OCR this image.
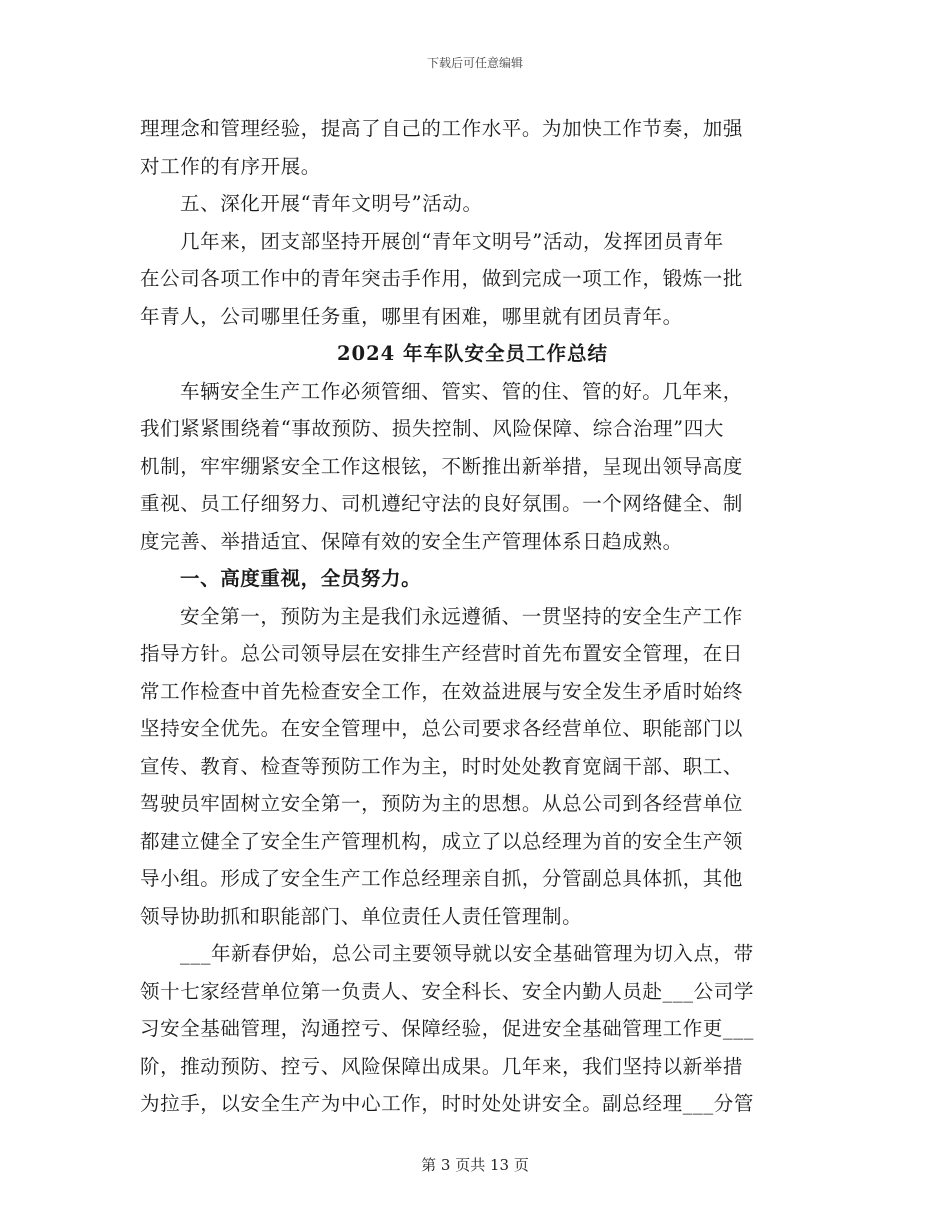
下载后可任意编辑

理理念和管理经验，提高了自己的工作水平。为加快工作节奏，加强

对工作的有序开展。

五、深化开展“青年文明号”活动。

几年来，团支部坚持开展创“青年文明号”活动，发挥团员青年

在公司各项工作中的青年突击手作用，做到完成一项工作，锻炼一批

年青人，公司哪里任务重，哪里有困难，哪里就有团员青年。

2024 年车队安全员工作总结

车辆安全生产工作必须管细、管实、管的住、管的好。几年来，

我们紧紧围绕着“事故预防、损失控制、风险保障、综合治理”四大

机制，牢牢绷紧安全工作这根铉，不断推出新举措，呈现出领导高度

重视、员工仔细努力、司机遵纪守法的良好氛围。一个网络健全、制

度完善、举措适宜、保障有效的安全生产管理体系日趋成熟。

一、高度重视，全员努力。

安全第一，预防为主是我们永远遵循、一贯坚持的安全生产工作

指导方针。总公司领导层在安排生产经营时首先布置安全管理，在日

常工作检查中首先检查安全工作，在效益进展与安全发生矛盾时始终

坚持安全优先。在安全管理中，总公司要求各经营单位、职能部门以

宣传、教育、检查等预防工作为主，时时处处教育宽阔干部、职工、

驾驶员牢固树立安全第一，预防为主的思想。从总公司到各经营单位

都建立健全了安全生产管理机构，成立了以总经理为首的安全生产领

导小组。形成了安全生产工作总经理亲自抓，分管副总具体抓，其他

领导协助抓和职能部门、单位责任人责任管理制。

___年新春伊始，总公司主要领导就以安全基础管理为切入点，带

领十七家经营单位第一负责人、安全科长、安全内勤人员赴___公司学

习安全基础管理，沟通控亏、保障经验，促进安全基础管理工作更___

阶，推动预防、控亏、风险保障出成果。几年来，我们坚持以新举措

为拉手，以安全生产为中心工作，时时处处讲安全。副总经理___分管

第 3 页共 13 页
